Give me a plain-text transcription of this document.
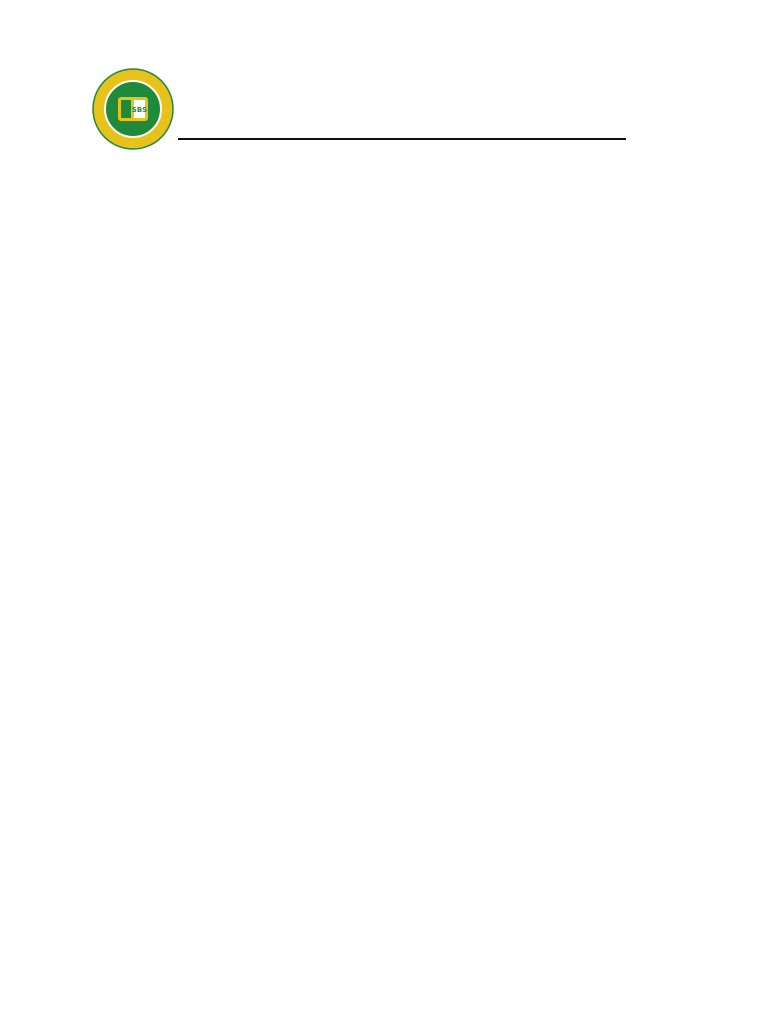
SBS
